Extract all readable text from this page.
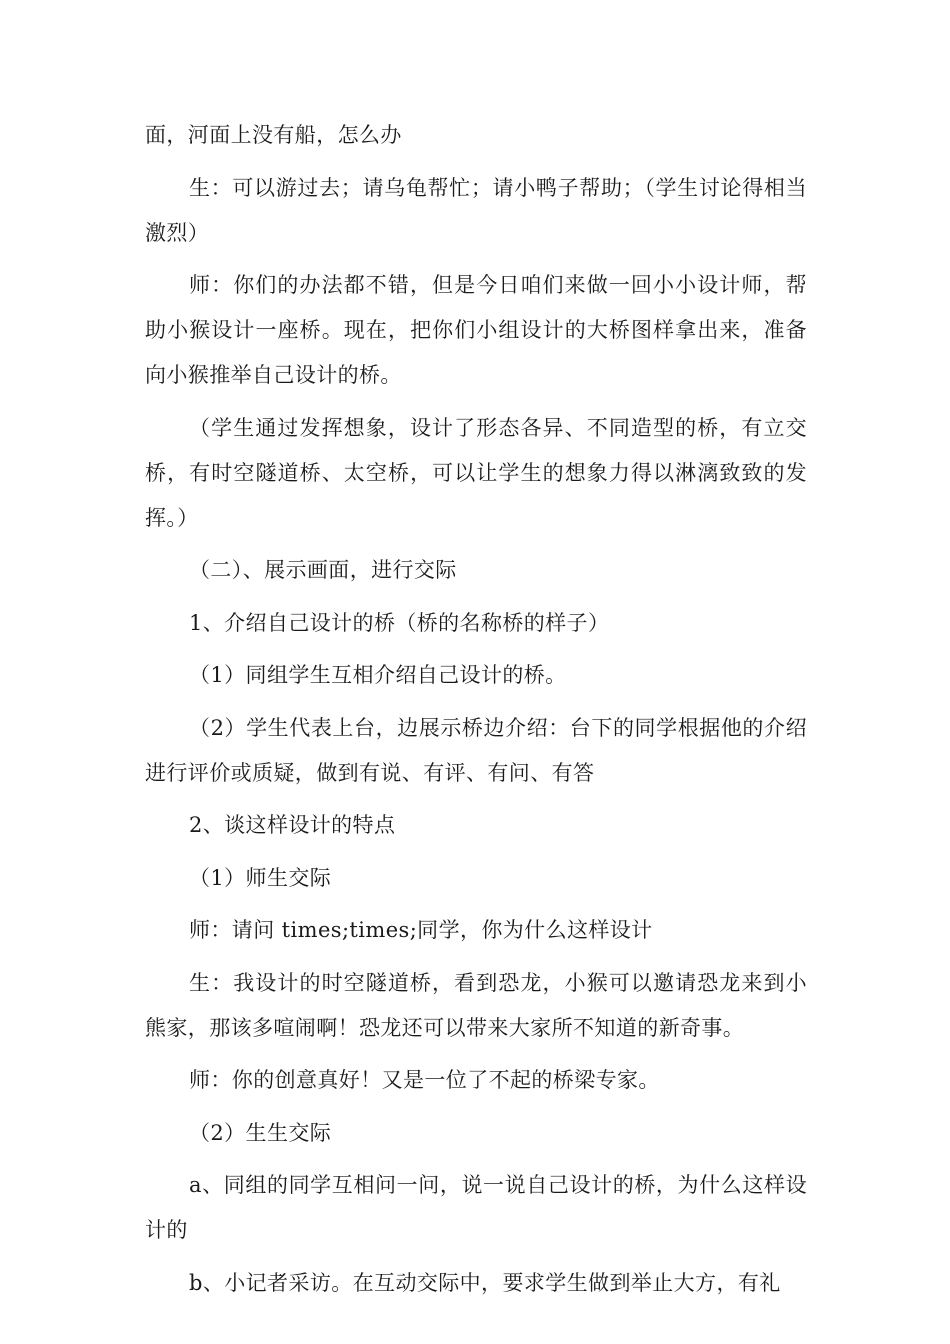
面，河面上没有船，怎么办

生：可以游过去；请乌龟帮忙；请小鸭子帮助；（学生讨论得相当激烈）

师：你们的办法都不错，但是今日咱们来做一回小小设计师，帮助小猴设计一座桥。现在，把你们小组设计的大桥图样拿出来，准备向小猴推举自己设计的桥。

（学生通过发挥想象，设计了形态各异、不同造型的桥，有立交桥，有时空隧道桥、太空桥，可以让学生的想象力得以淋漓致致的发挥。）

（二）、展示画面，进行交际

1、介绍自己设计的桥（桥的名称桥的样子）

（1）同组学生互相介绍自己设计的桥。

（2）学生代表上台，边展示桥边介绍：台下的同学根据他的介绍进行评价或质疑，做到有说、有评、有问、有答

2、谈这样设计的特点

（1）师生交际

师：请问 times;times;同学，你为什么这样设计

生：我设计的时空隧道桥，看到恐龙，小猴可以邀请恐龙来到小熊家，那该多喧闹啊！恐龙还可以带来大家所不知道的新奇事。

师：你的创意真好！又是一位了不起的桥梁专家。

（2）生生交际

a、同组的同学互相问一问，说一说自己设计的桥，为什么这样设计的

b、小记者采访。在互动交际中，要求学生做到举止大方，有礼
